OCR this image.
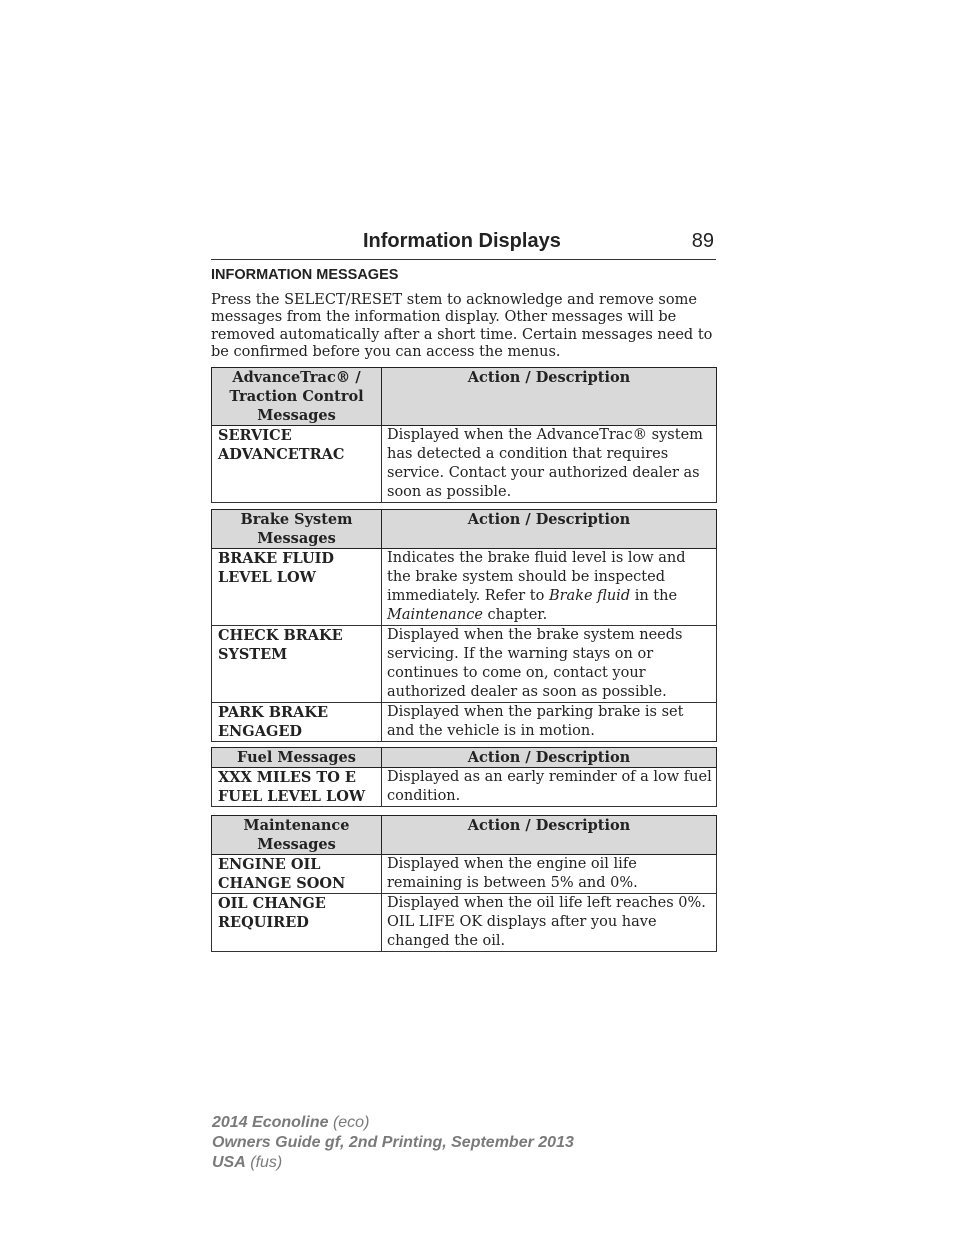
Information Displays	89
INFORMATION MESSAGES

Press the SELECT/RESET stem to acknowledge and remove some messages from the information display. Other messages will be removed automatically after a short time. Certain messages need to be confirmed before you can access the menus.

AdvanceTrac® / Traction Control Messages	Action / Description
SERVICE ADVANCETRAC	Displayed when the AdvanceTrac® system has detected a condition that requires service. Contact your authorized dealer as soon as possible.
Brake System Messages	Action / Description
BRAKE FLUID LEVEL LOW	Indicates the brake fluid level is low and the brake system should be inspected immediately. Refer to Brake fluid in the Maintenance chapter.
CHECK BRAKE SYSTEM	Displayed when the brake system needs servicing. If the warning stays on or continues to come on, contact your authorized dealer as soon as possible.
PARK BRAKE ENGAGED	Displayed when the parking brake is set and the vehicle is in motion.
Fuel Messages	Action / Description
XXX MILES TO E FUEL LEVEL LOW	Displayed as an early reminder of a low fuel condition.
Maintenance Messages	Action / Description
ENGINE OIL CHANGE SOON	Displayed when the engine oil life remaining is between 5% and 0%.
OIL CHANGE REQUIRED	Displayed when the oil life left reaches 0%. OIL LIFE OK displays after you have changed the oil.
2014 Econoline (eco)
Owners Guide gf, 2nd Printing, September 2013
USA (fus)
